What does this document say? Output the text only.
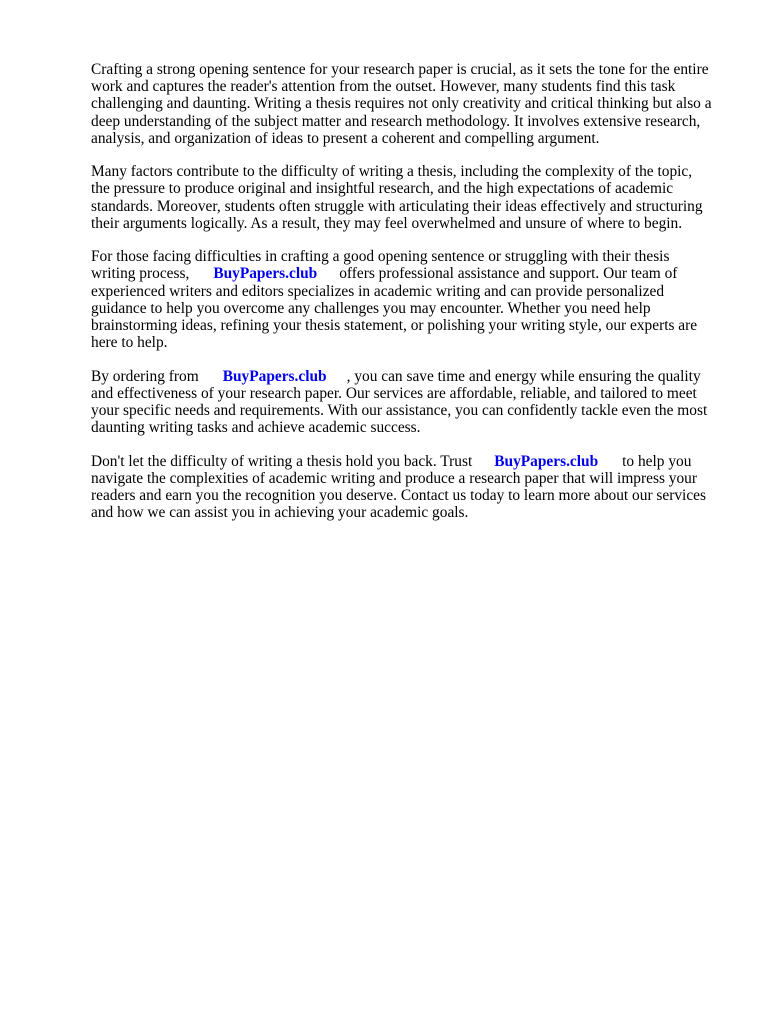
Crafting a strong opening sentence for your research paper is crucial, as it sets the tone for the entire
work and captures the reader's attention from the outset. However, many students find this task
challenging and daunting. Writing a thesis requires not only creativity and critical thinking but also a
deep understanding of the subject matter and research methodology. It involves extensive research,
analysis, and organization of ideas to present a coherent and compelling argument.

Many factors contribute to the difficulty of writing a thesis, including the complexity of the topic,
the pressure to produce original and insightful research, and the high expectations of academic
standards. Moreover, students often struggle with articulating their ideas effectively and structuring
their arguments logically. As a result, they may feel overwhelmed and unsure of where to begin.

For those facing difficulties in crafting a good opening sentence or struggling with their thesis
writing process, BuyPapers.club offers professional assistance and support. Our team of
experienced writers and editors specializes in academic writing and can provide personalized
guidance to help you overcome any challenges you may encounter. Whether you need help
brainstorming ideas, refining your thesis statement, or polishing your writing style, our experts are
here to help.

By ordering from BuyPapers.club , you can save time and energy while ensuring the quality
and effectiveness of your research paper. Our services are affordable, reliable, and tailored to meet
your specific needs and requirements. With our assistance, you can confidently tackle even the most
daunting writing tasks and achieve academic success.

Don't let the difficulty of writing a thesis hold you back. Trust BuyPapers.club to help you
navigate the complexities of academic writing and produce a research paper that will impress your
readers and earn you the recognition you deserve. Contact us today to learn more about our services
and how we can assist you in achieving your academic goals.
